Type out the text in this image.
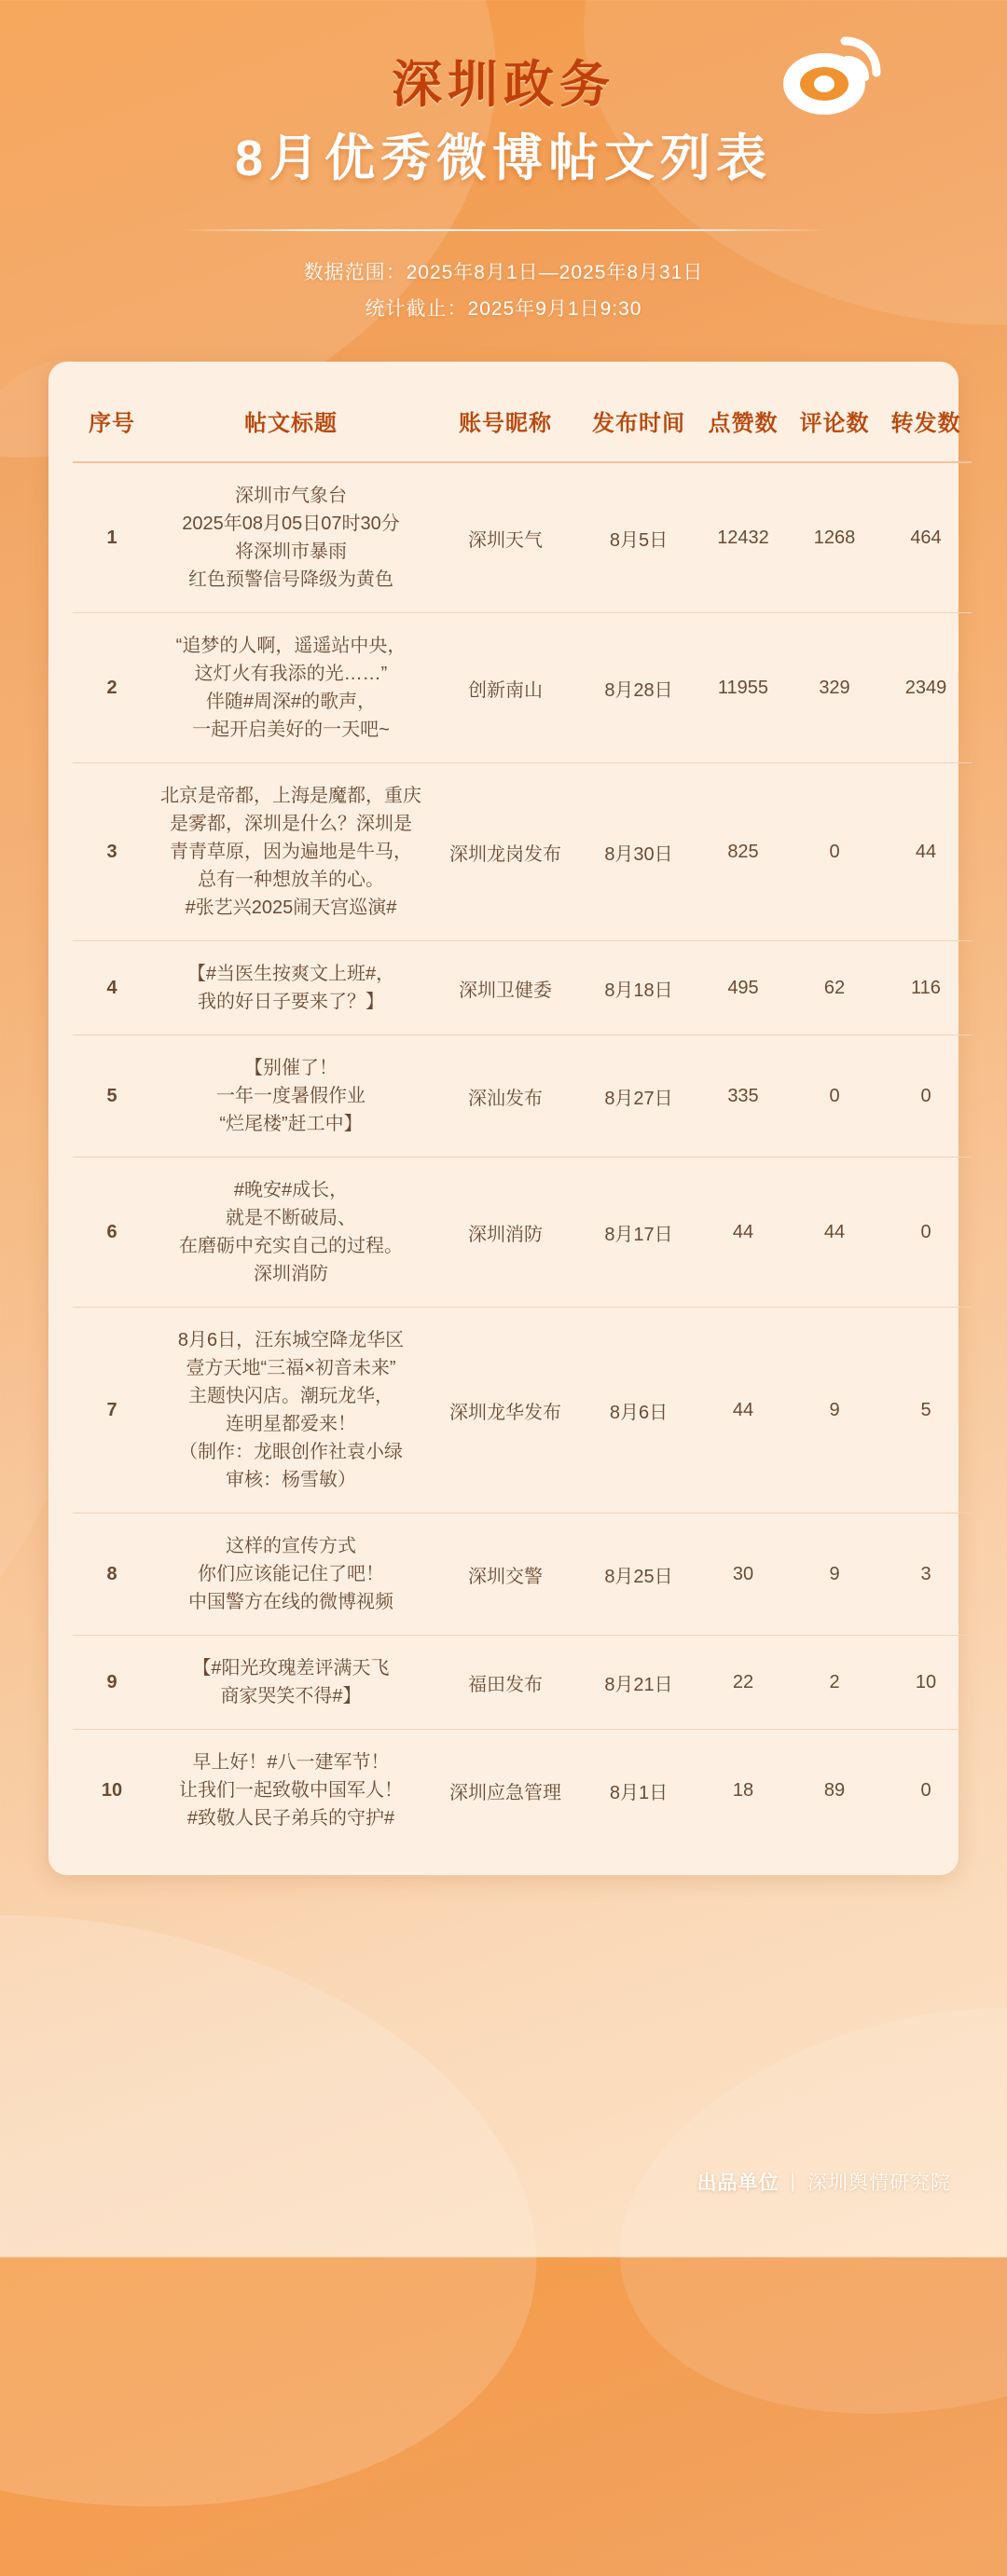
深圳政务
8月优秀微博帖文列表
数据范围：2025年8月1日—2025年8月31日
统计截止：2025年9月1日9:30
序号	帖文标题	账号昵称	发布时间	点赞数	评论数	转发数
1	深圳市气象台
2025年08月05日07时30分
将深圳市暴雨
红色预警信号降级为黄色	深圳天气	8月5日	12432	1268	464
2	“追梦的人啊，遥遥站中央，
这灯火有我添的光……”
伴随#周深#的歌声，
一起开启美好的一天吧~	创新南山	8月28日	11955	329	2349
3	北京是帝都，上海是魔都，重庆
是雾都，深圳是什么？深圳是
青青草原，因为遍地是牛马，
总有一种想放羊的心。
#张艺兴2025闹天宫巡演#	深圳龙岗发布	8月30日	825	0	44
4	【#当医生按爽文上班#，
我的好日子要来了？】	深圳卫健委	8月18日	495	62	116
5	【别催了！
一年一度暑假作业
“烂尾楼”赶工中】	深汕发布	8月27日	335	0	0
6	#晚安#成长，
就是不断破局、
在磨砺中充实自己的过程。
深圳消防	深圳消防	8月17日	44	44	0
7	8月6日，汪东城空降龙华区
壹方天地“三福×初音未来”
主题快闪店。潮玩龙华，
连明星都爱来！
（制作：龙眼创作社袁小绿
审核：杨雪敏）	深圳龙华发布	8月6日	44	9	5
8	这样的宣传方式
你们应该能记住了吧！
中国警方在线的微博视频	深圳交警	8月25日	30	9	3
9	【#阳光玫瑰差评满天飞
商家哭笑不得#】	福田发布	8月21日	22	2	10
10	早上好！#八一建军节！
让我们一起致敬中国军人！
#致敬人民子弟兵的守护#	深圳应急管理	8月1日	18	89	0
出品单位 | 深圳舆情研究院
